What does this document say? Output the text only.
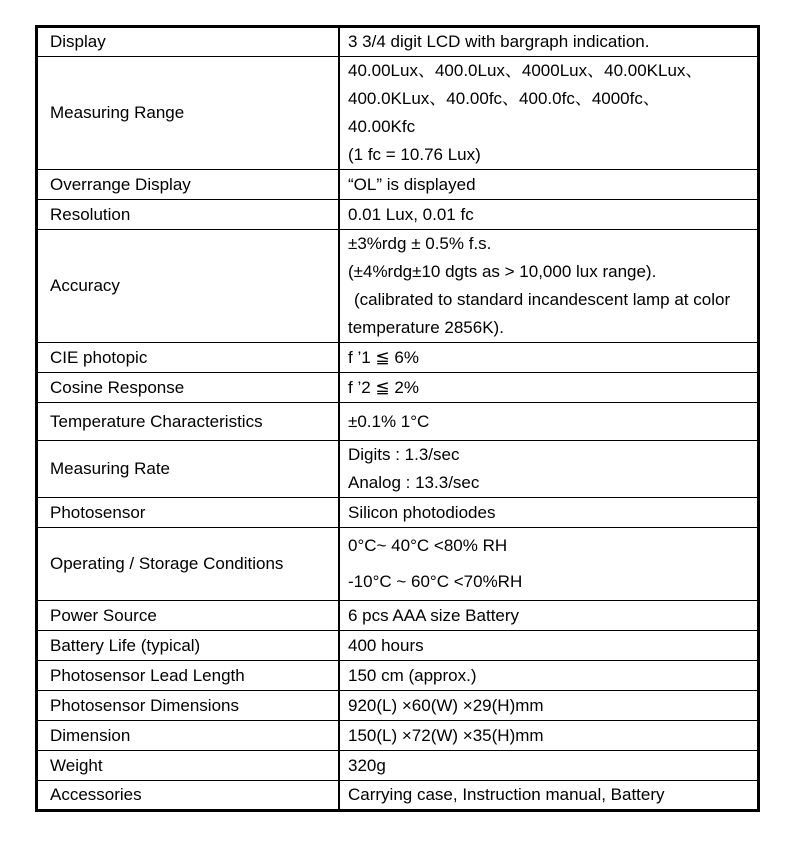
Display	3 3/4 digit LCD with bargraph indication.

Measuring Range	40.00Lux、400.0Lux、4000Lux、40.00KLux、
400.0KLux、40.00fc、400.0fc、4000fc、
40.00Kfc
(1 fc = 10.76 Lux)

Overrange Display	“OL” is displayed

Resolution	0.01 Lux, 0.01 fc

Accuracy	±3%rdg ± 0.5% f.s.
(±4%rdg±10 dgts as > 10,000 lux range).
(calibrated to standard incandescent lamp at color
temperature 2856K).

CIE photopic	f ’1 ≦ 6%

Cosine Response	f ’2 ≦ 2%

Temperature Characteristics	±0.1% 1°C

Measuring Rate	Digits : 1.3/sec
Analog : 13.3/sec

Photosensor	Silicon photodiodes

Operating / Storage Conditions	0°C~ 40°C <80% RH
-10°C ~ 60°C <70%RH

Power Source	6 pcs AAA size Battery

Battery Life (typical)	400 hours

Photosensor Lead Length	150 cm (approx.)

Photosensor Dimensions	920(L) ×60(W) ×29(H)mm

Dimension	150(L) ×72(W) ×35(H)mm

Weight	320g

Accessories	Carrying case, Instruction manual, Battery
